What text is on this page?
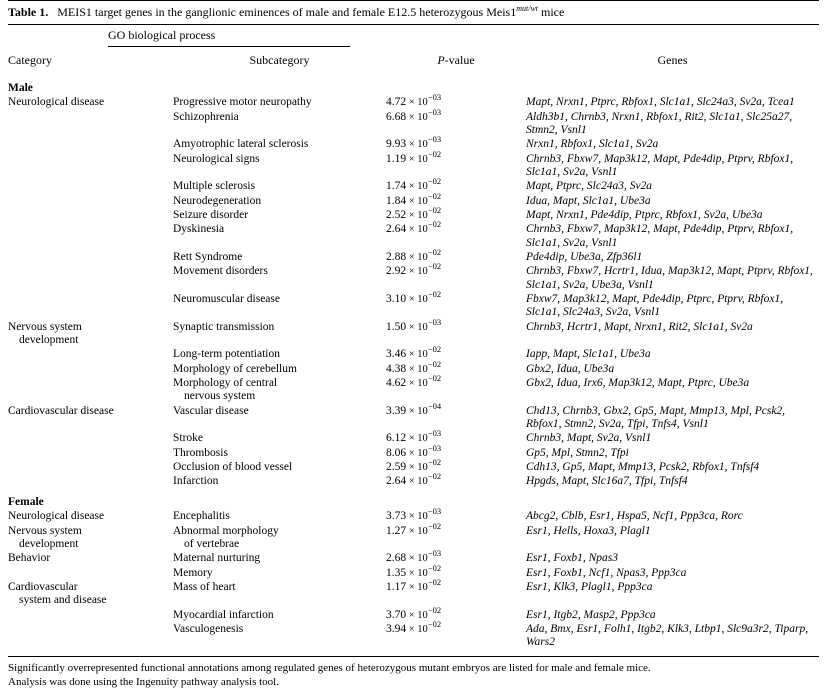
Table 1. MEIS1 target genes in the ganglionic eminences of male and female E12.5 heterozygous $Meis1^{mut/wt}$ mice
GO biological process
Category	Subcategory	P-value	Genes
Male			
Neurological disease	Progressive motor neuropathy	$4.72 \times 10^{-03}$	Mapt, Nrxn1, Ptprc, Rbfox1, Slc1a1, Slc24a3, Sv2a, Tcea1
	Schizophrenia	$6.68 \times 10^{-03}$	Aldh3b1, Chrnb3, Nrxn1, Rbfox1, Rit2, Slc1a1, Slc25a27, Stmn2, Vsnl1
	Amyotrophic lateral sclerosis	$9.93 \times 10^{-03}$	Nrxn1, Rbfox1, Slc1a1, Sv2a
	Neurological signs	$1.19 \times 10^{-02}$	Chrnb3, Fbxw7, Map3k12, Mapt, Pde4dip, Ptprv, Rbfox1, Slc1a1, Sv2a, Vsnl1
	Multiple sclerosis	$1.74 \times 10^{-02}$	Mapt, Ptprc, Slc24a3, Sv2a
	Neurodegeneration	$1.84 \times 10^{-02}$	Idua, Mapt, Slc1a1, Ube3a
	Seizure disorder	$2.52 \times 10^{-02}$	Mapt, Nrxn1, Pde4dip, Ptprc, Rbfox1, Sv2a, Ube3a
	Dyskinesia	$2.64 \times 10^{-02}$	Chrnb3, Fbxw7, Map3k12, Mapt, Pde4dip, Ptprv, Rbfox1, Slc1a1, Sv2a, Vsnl1
	Rett Syndrome	$2.88 \times 10^{-02}$	Pde4dip, Ube3a, Zfp36l1
	Movement disorders	$2.92 \times 10^{-02}$	Chrnb3, Fbxw7, Hcrtr1, Idua, Map3k12, Mapt, Ptprv, Rbfox1, Slc1a1, Sv2a, Ube3a, Vsnl1
	Neuromuscular disease	$3.10 \times 10^{-02}$	Fbxw7, Map3k12, Mapt, Pde4dip, Ptprc, Ptprv, Rbfox1, Slc1a1, Slc24a3, Sv2a, Vsnl1
Nervous system
development	Synaptic transmission	$1.50 \times 10^{-03}$	Chrnb3, Hcrtr1, Mapt, Nrxn1, Rit2, Slc1a1, Sv2a
	Long-term potentiation	$3.46 \times 10^{-02}$	Iapp, Mapt, Slc1a1, Ube3a
	Morphology of cerebellum	$4.38 \times 10^{-02}$	Gbx2, Idua, Ube3a
	Morphology of central
nervous system	$4.62 \times 10^{-02}$	Gbx2, Idua, Irx6, Map3k12, Mapt, Ptprc, Ube3a
Cardiovascular disease	Vascular disease	$3.39 \times 10^{-04}$	Chd13, Chrnb3, Gbx2, Gp5, Mapt, Mmp13, Mpl, Pcsk2, Rbfox1, Stmn2, Sv2a, Tfpi, Tnfs4, Vsnl1
	Stroke	$6.12 \times 10^{-03}$	Chrnb3, Mapt, Sv2a, Vsnl1
	Thrombosis	$8.06 \times 10^{-03}$	Gp5, Mpl, Stmn2, Tfpi
	Occlusion of blood vessel	$2.59 \times 10^{-02}$	Cdh13, Gp5, Mapt, Mmp13, Pcsk2, Rbfox1, Tnfsf4
	Infarction	$2.64 \times 10^{-02}$	Hpgds, Mapt, Slc16a7, Tfpi, Tnfsf4
Female			
Neurological disease	Encephalitis	$3.73 \times 10^{-03}$	Abcg2, Cblb, Esr1, Hspa5, Ncf1, Ppp3ca, Rorc
Nervous system
development	Abnormal morphology
of vertebrae	$1.27 \times 10^{-02}$	Esr1, Hells, Hoxa3, Plagl1
Behavior	Maternal nurturing	$2.68 \times 10^{-03}$	Esr1, Foxb1, Npas3
	Memory	$1.35 \times 10^{-02}$	Esr1, Foxb1, Ncf1, Npas3, Ppp3ca
Cardiovascular
system and disease	Mass of heart	$1.17 \times 10^{-02}$	Esr1, Klk3, Plagl1, Ppp3ca
	Myocardial infarction	$3.70 \times 10^{-02}$	Esr1, Itgb2, Masp2, Ppp3ca
	Vasculogenesis	$3.94 \times 10^{-02}$	Ada, Bmx, Esr1, Folh1, Itgb2, Klk3, Ltbp1, Slc9a3r2, Tiparp, Wars2
Significantly overrepresented functional annotations among regulated genes of heterozygous mutant embryos are listed for male and female mice.
Analysis was done using the Ingenuity pathway analysis tool.
